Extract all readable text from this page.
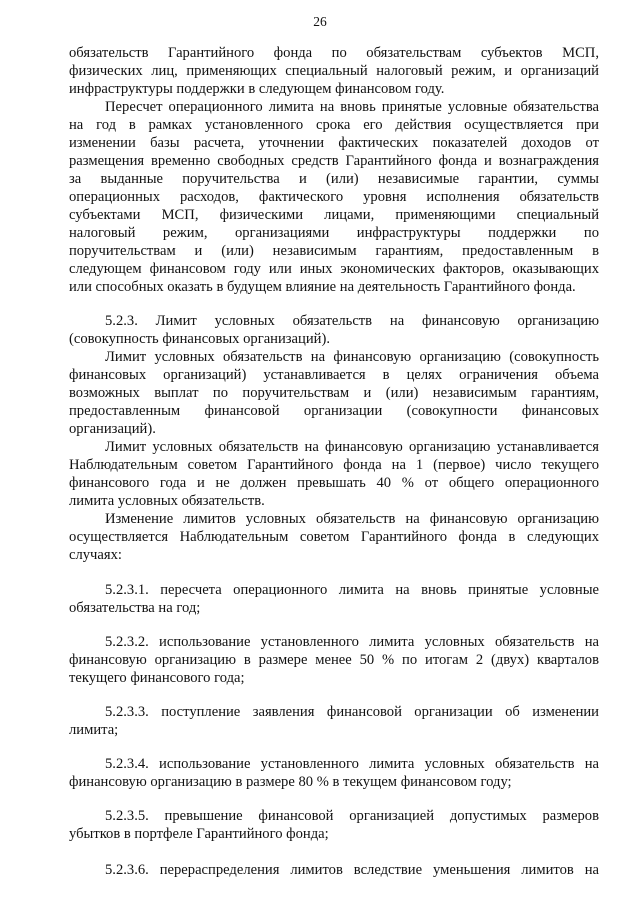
26
обязательств Гарантийного фонда по обязательствам субъектов МСП,
физических лиц, применяющих специальный налоговый режим, и организаций
инфраструктуры поддержки в следующем финансовом году.
Пересчет операционного лимита на вновь принятые условные обязательства
на год в рамках установленного срока его действия осуществляется при
изменении базы расчета, уточнении фактических показателей доходов от
размещения временно свободных средств Гарантийного фонда и вознаграждения
за выданные поручительства и (или) независимые гарантии, суммы
операционных расходов, фактического уровня исполнения обязательств
субъектами МСП, физическими лицами, применяющими специальный
налоговый режим, организациями инфраструктуры поддержки по
поручительствам и (или) независимым гарантиям, предоставленным в
следующем финансовом году или иных экономических факторов, оказывающих
или способных оказать в будущем влияние на деятельность Гарантийного фонда.
5.2.3. Лимит условных обязательств на финансовую организацию
(совокупность финансовых организаций).
Лимит условных обязательств на финансовую организацию (совокупность
финансовых организаций) устанавливается в целях ограничения объема
возможных выплат по поручительствам и (или) независимым гарантиям,
предоставленным финансовой организации (совокупности финансовых
организаций).
Лимит условных обязательств на финансовую организацию устанавливается
Наблюдательным советом Гарантийного фонда на 1 (первое) число текущего
финансового года и не должен превышать 40 % от общего операционного
лимита условных обязательств.
Изменение лимитов условных обязательств на финансовую организацию
осуществляется Наблюдательным советом Гарантийного фонда в следующих
случаях:
5.2.3.1. пересчета операционного лимита на вновь принятые условные
обязательства на год;
5.2.3.2. использование установленного лимита условных обязательств на
финансовую организацию в размере менее 50 % по итогам 2 (двух) кварталов
текущего финансового года;
5.2.3.3. поступление заявления финансовой организации об изменении
лимита;
5.2.3.4. использование установленного лимита условных обязательств на
финансовую организацию в размере 80 % в текущем финансовом году;
5.2.3.5. превышение финансовой организацией допустимых размеров
убытков в портфеле Гарантийного фонда;
5.2.3.6. перераспределения лимитов вследствие уменьшения лимитов на
